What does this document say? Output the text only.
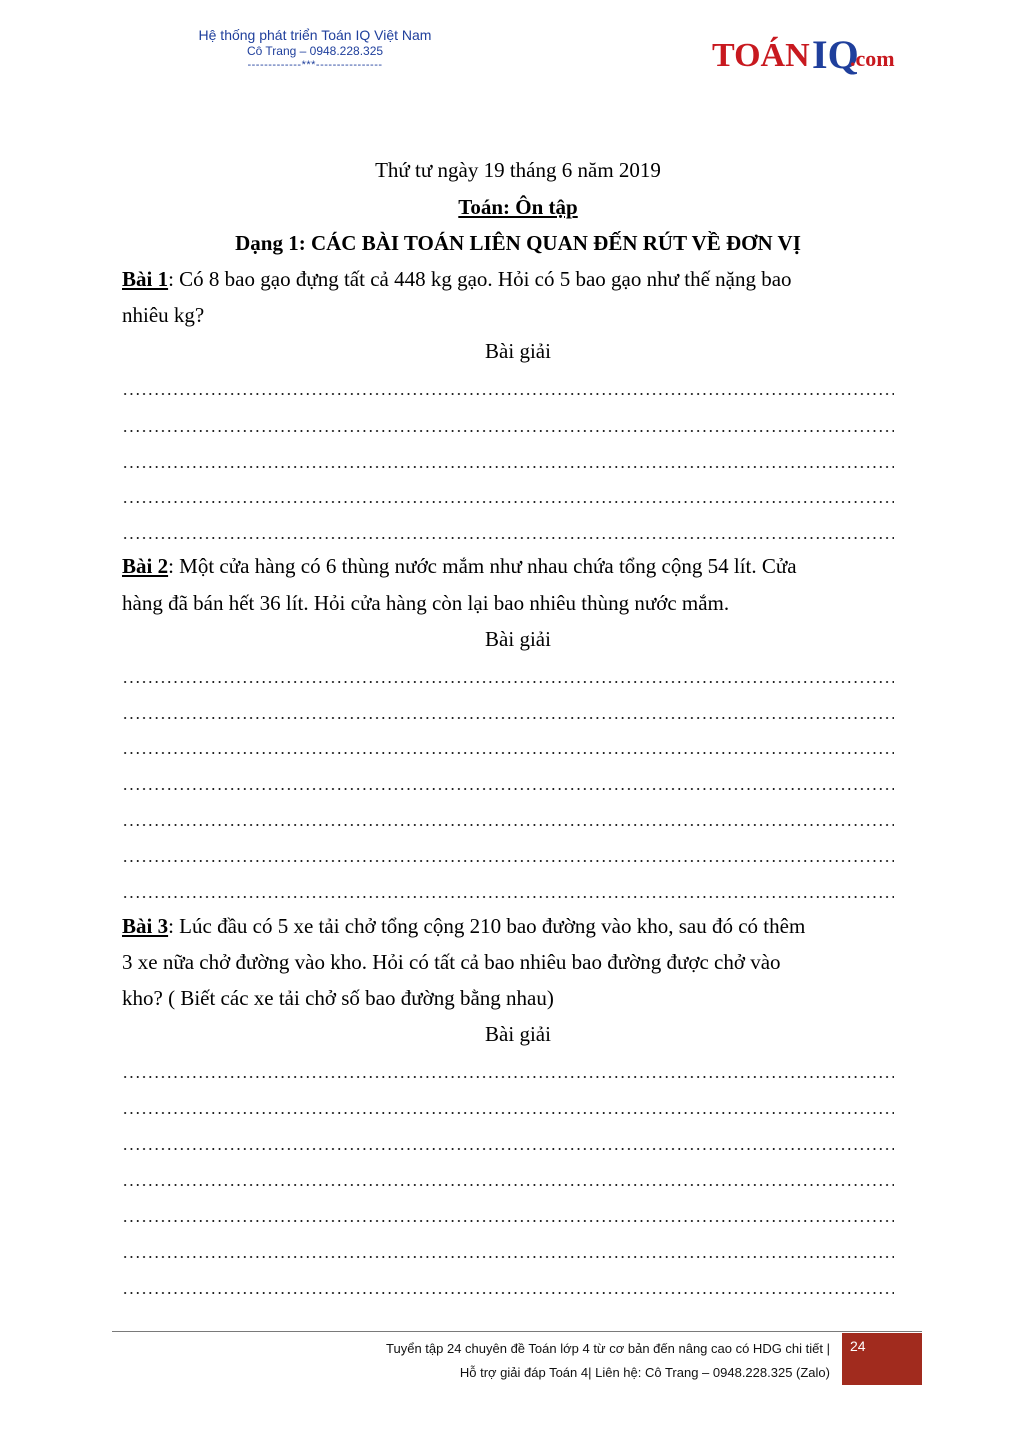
Hệ thống phát triển Toán IQ Việt Nam
Cô Trang – 0948.228.325
-------------***----------------	TOÁN IQ
.com
Thứ tư ngày 19 tháng 6 năm 2019
Toán: Ôn tập
Dạng 1: CÁC BÀI TOÁN LIÊN QUAN ĐẾN RÚT VỀ ĐƠN VỊ
Bài 1: Có 8 bao gạo đựng tất cả 448 kg gạo. Hỏi có 5 bao gạo như thế nặng bao
nhiêu kg?
Bài giải
Bài 2: Một cửa hàng có 6 thùng nước mắm như nhau chứa tổng cộng 54 lít. Cửa
hàng đã bán hết 36 lít. Hỏi cửa hàng còn lại bao nhiêu thùng nước mắm.
Bài giải
Bài 3: Lúc đầu có 5 xe tải chở tổng cộng 210 bao đường vào kho, sau đó có thêm
3 xe nữa chở đường vào kho. Hỏi có tất cả bao nhiêu bao đường được chở vào
kho? ( Biết các xe tải chở số bao đường bằng nhau)
Bài giải
Tuyển tập 24 chuyên đề Toán lớp 4 từ cơ bản đến nâng cao có HDG chi tiết |
Hỗ trợ giải đáp Toán 4| Liên hệ: Cô Trang – 0948.228.325 (Zalo)
24
